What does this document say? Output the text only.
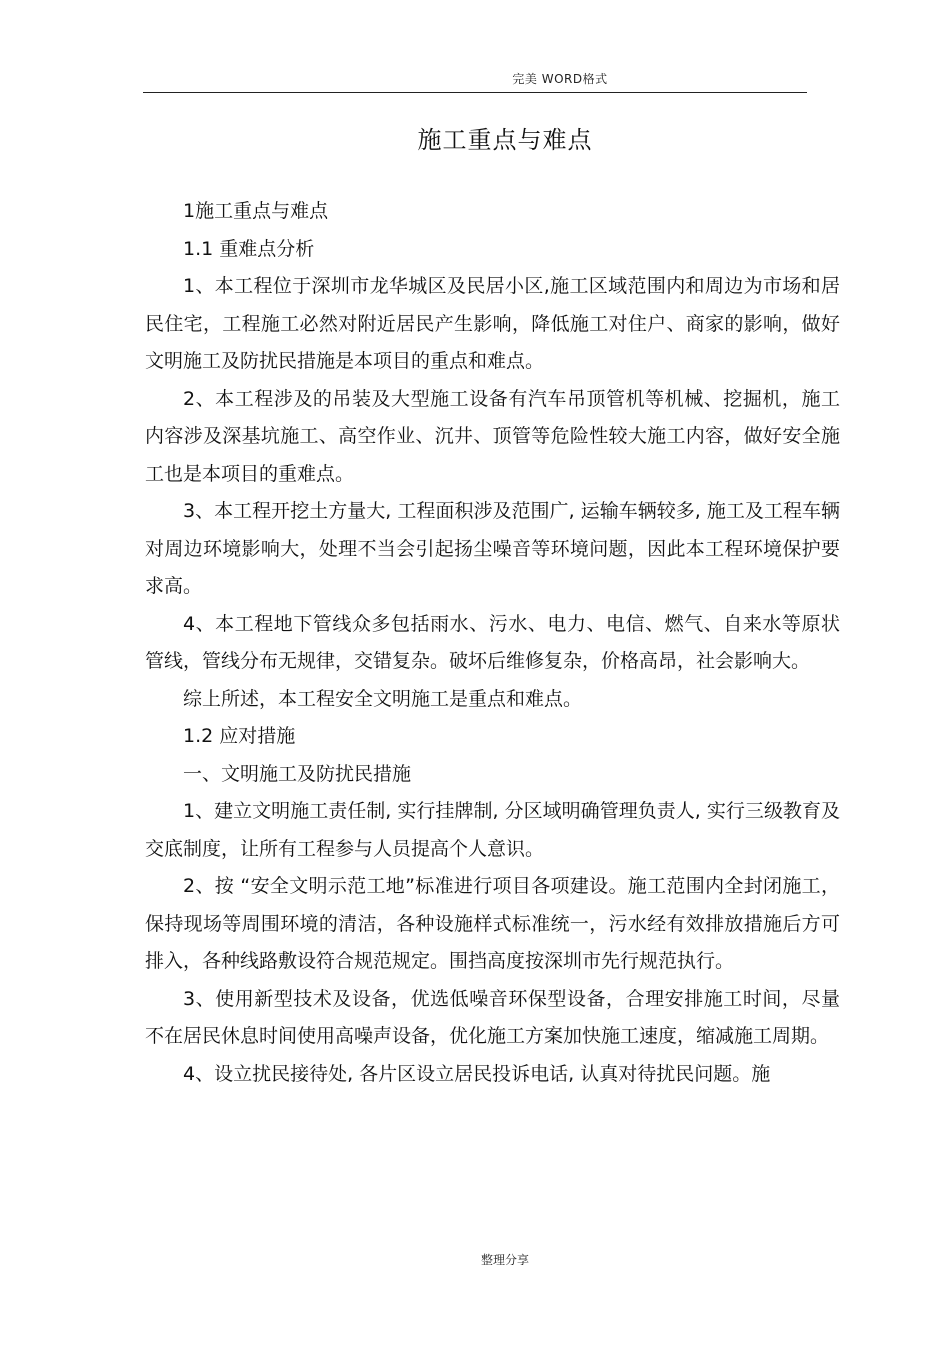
完美 WORD格式
施工重点与难点

1施工重点与难点

1.1 重难点分析

1、本工程位于深圳市龙华城区及民居小区,施工区域范围内和周边为市场和居民住宅，工程施工必然对附近居民产生影响，降低施工对住户、商家的影响，做好文明施工及防扰民措施是本项目的重点和难点。

2、本工程涉及的吊装及大型施工设备有汽车吊顶管机等机械、挖掘机，施工内容涉及深基坑施工、高空作业、沉井、顶管等危险性较大施工内容，做好安全施工也是本项目的重难点。

3、本工程开挖土方量大, 工程面积涉及范围广, 运输车辆较多, 施工及工程车辆对周边环境影响大，处理不当会引起扬尘噪音等环境问题，因此本工程环境保护要求高。

4、本工程地下管线众多包括雨水、污水、电力、电信、燃气、自来水等原状管线，管线分布无规律，交错复杂。破坏后维修复杂，价格高昂，社会影响大。

综上所述，本工程安全文明施工是重点和难点。

1.2 应对措施

一、文明施工及防扰民措施

1、建立文明施工责任制, 实行挂牌制, 分区域明确管理负责人, 实行三级教育及交底制度，让所有工程参与人员提高个人意识。

2、按 “安全文明示范工地”标准进行项目各项建设。施工范围内全封闭施工，保持现场等周围环境的清洁，各种设施样式标准统一，污水经有效排放措施后方可排入，各种线路敷设符合规范规定。围挡高度按深圳市先行规范执行。

3、使用新型技术及设备，优选低噪音环保型设备，合理安排施工时间，尽量不在居民休息时间使用高噪声设备，优化施工方案加快施工速度，缩减施工周期。

4、设立扰民接待处, 各片区设立居民投诉电话, 认真对待扰民问题。施

整理分享
